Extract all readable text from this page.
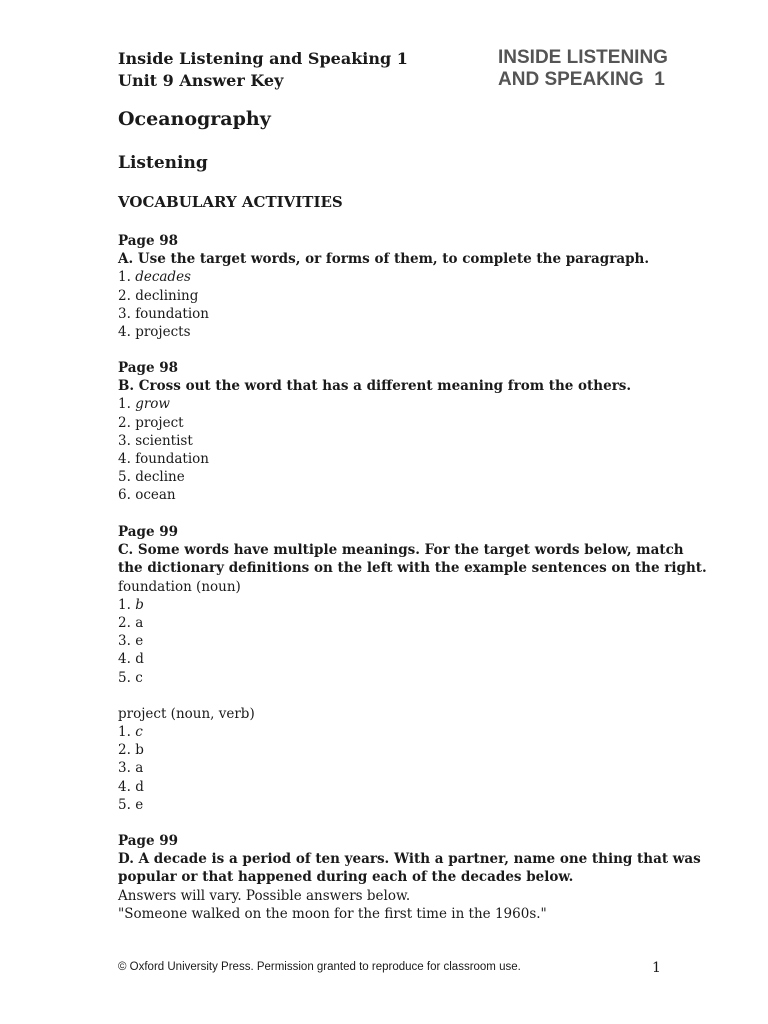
Inside Listening and Speaking 1
Unit 9 Answer Key
INSIDE LISTENING
AND SPEAKING  1
Oceanography
Listening
VOCABULARY ACTIVITIES
Page 98
A. Use the target words, or forms of them, to complete the paragraph.
1. decades
2. declining
3. foundation
4. projects
Page 98
B. Cross out the word that has a different meaning from the others.
1. grow
2. project
3. scientist
4. foundation
5. decline
6. ocean
Page 99
C. Some words have multiple meanings. For the target words below, match
the dictionary definitions on the left with the example sentences on the right.
foundation (noun)
1. b
2. a
3. e
4. d
5. c
project (noun, verb)
1. c
2. b
3. a
4. d
5. e
Page 99
D. A decade is a period of ten years. With a partner, name one thing that was
popular or that happened during each of the decades below.
Answers will vary. Possible answers below.
"Someone walked on the moon for the first time in the 1960s."
© Oxford University Press. Permission granted to reproduce for classroom use.	1
